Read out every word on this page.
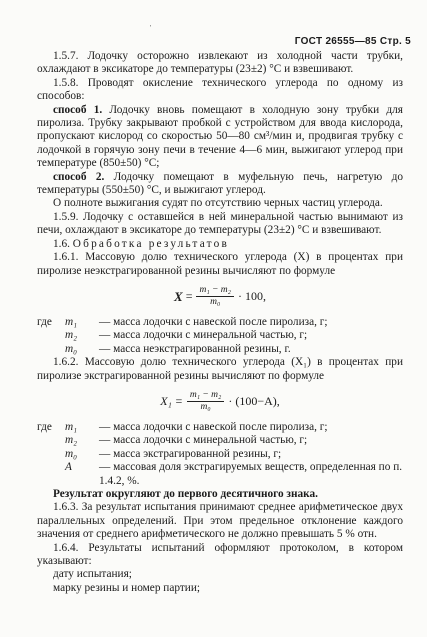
'
ГОСТ 26555—85 Стр. 5

1.5.7. Лодочку осторожно извлекают из холодной части трубки, охлаждают в эксикаторе до температуры (23±2) °С и взвешивают.

1.5.8. Проводят окисление технического углерода по одному из способов:

способ 1. Лодочку вновь помещают в холодную зону трубки для пиролиза. Трубку закрывают пробкой с устройством для ввода кислорода, пропускают кислород со скоростью 50—80 см³/мин и, продвигая трубку с лодочкой в горячую зону печи в течение 4—6 мин, выжигают углерод при температуре (850±50) °С;

способ 2. Лодочку помещают в муфельную печь, нагретую до температуры (550±50) °С, и выжигают углерод.

О полноте выжигания судят по отсутствию черных частиц углерода.

1.5.9. Лодочку с оставшейся в ней минеральной частью вынимают из печи, охлаждают в эксикаторе до температуры (23±2) °С и взвешивают.

1.6. Обработка результатов

1.6.1. Массовую долю технического углерода (X) в процентах при пиролизе неэкстрагированной резины вычисляют по формуле

$X = \frac{\text{m₁ − m₂}}{\text{m₀}} \cdot 100$,
где	m₁	— масса лодочки с навеской после пиролиза, г;
m₂	— масса лодочки с минеральной частью, г;
m₀	— масса неэкстрагированной резины, г.

1.6.2. Массовую долю технического углерода (X₁) в процентах при пиролизе экстрагированной резины вычисляют по формуле

$X_1 = \frac{\text{m₁ − m₂}}{\text{m₀}} \cdot (100-A)$,
где	m₁	— масса лодочки с навеской после пиролиза, г;
m₂	— масса лодочки с минеральной частью, г;
m₀	— масса экстрагированной резины, г;
A	— массовая доля экстрагируемых веществ, определенная по п. 1.4.2, %.

Результат округляют до первого десятичного знака.

1.6.3. За результат испытания принимают среднее арифметическое двух параллельных определений. При этом предельное отклонение каждого значения от среднего арифметического не должно превышать 5 % отн.

1.6.4. Результаты испытаний оформляют протоколом, в котором указывают:

дату испытания;

марку резины и номер партии;
